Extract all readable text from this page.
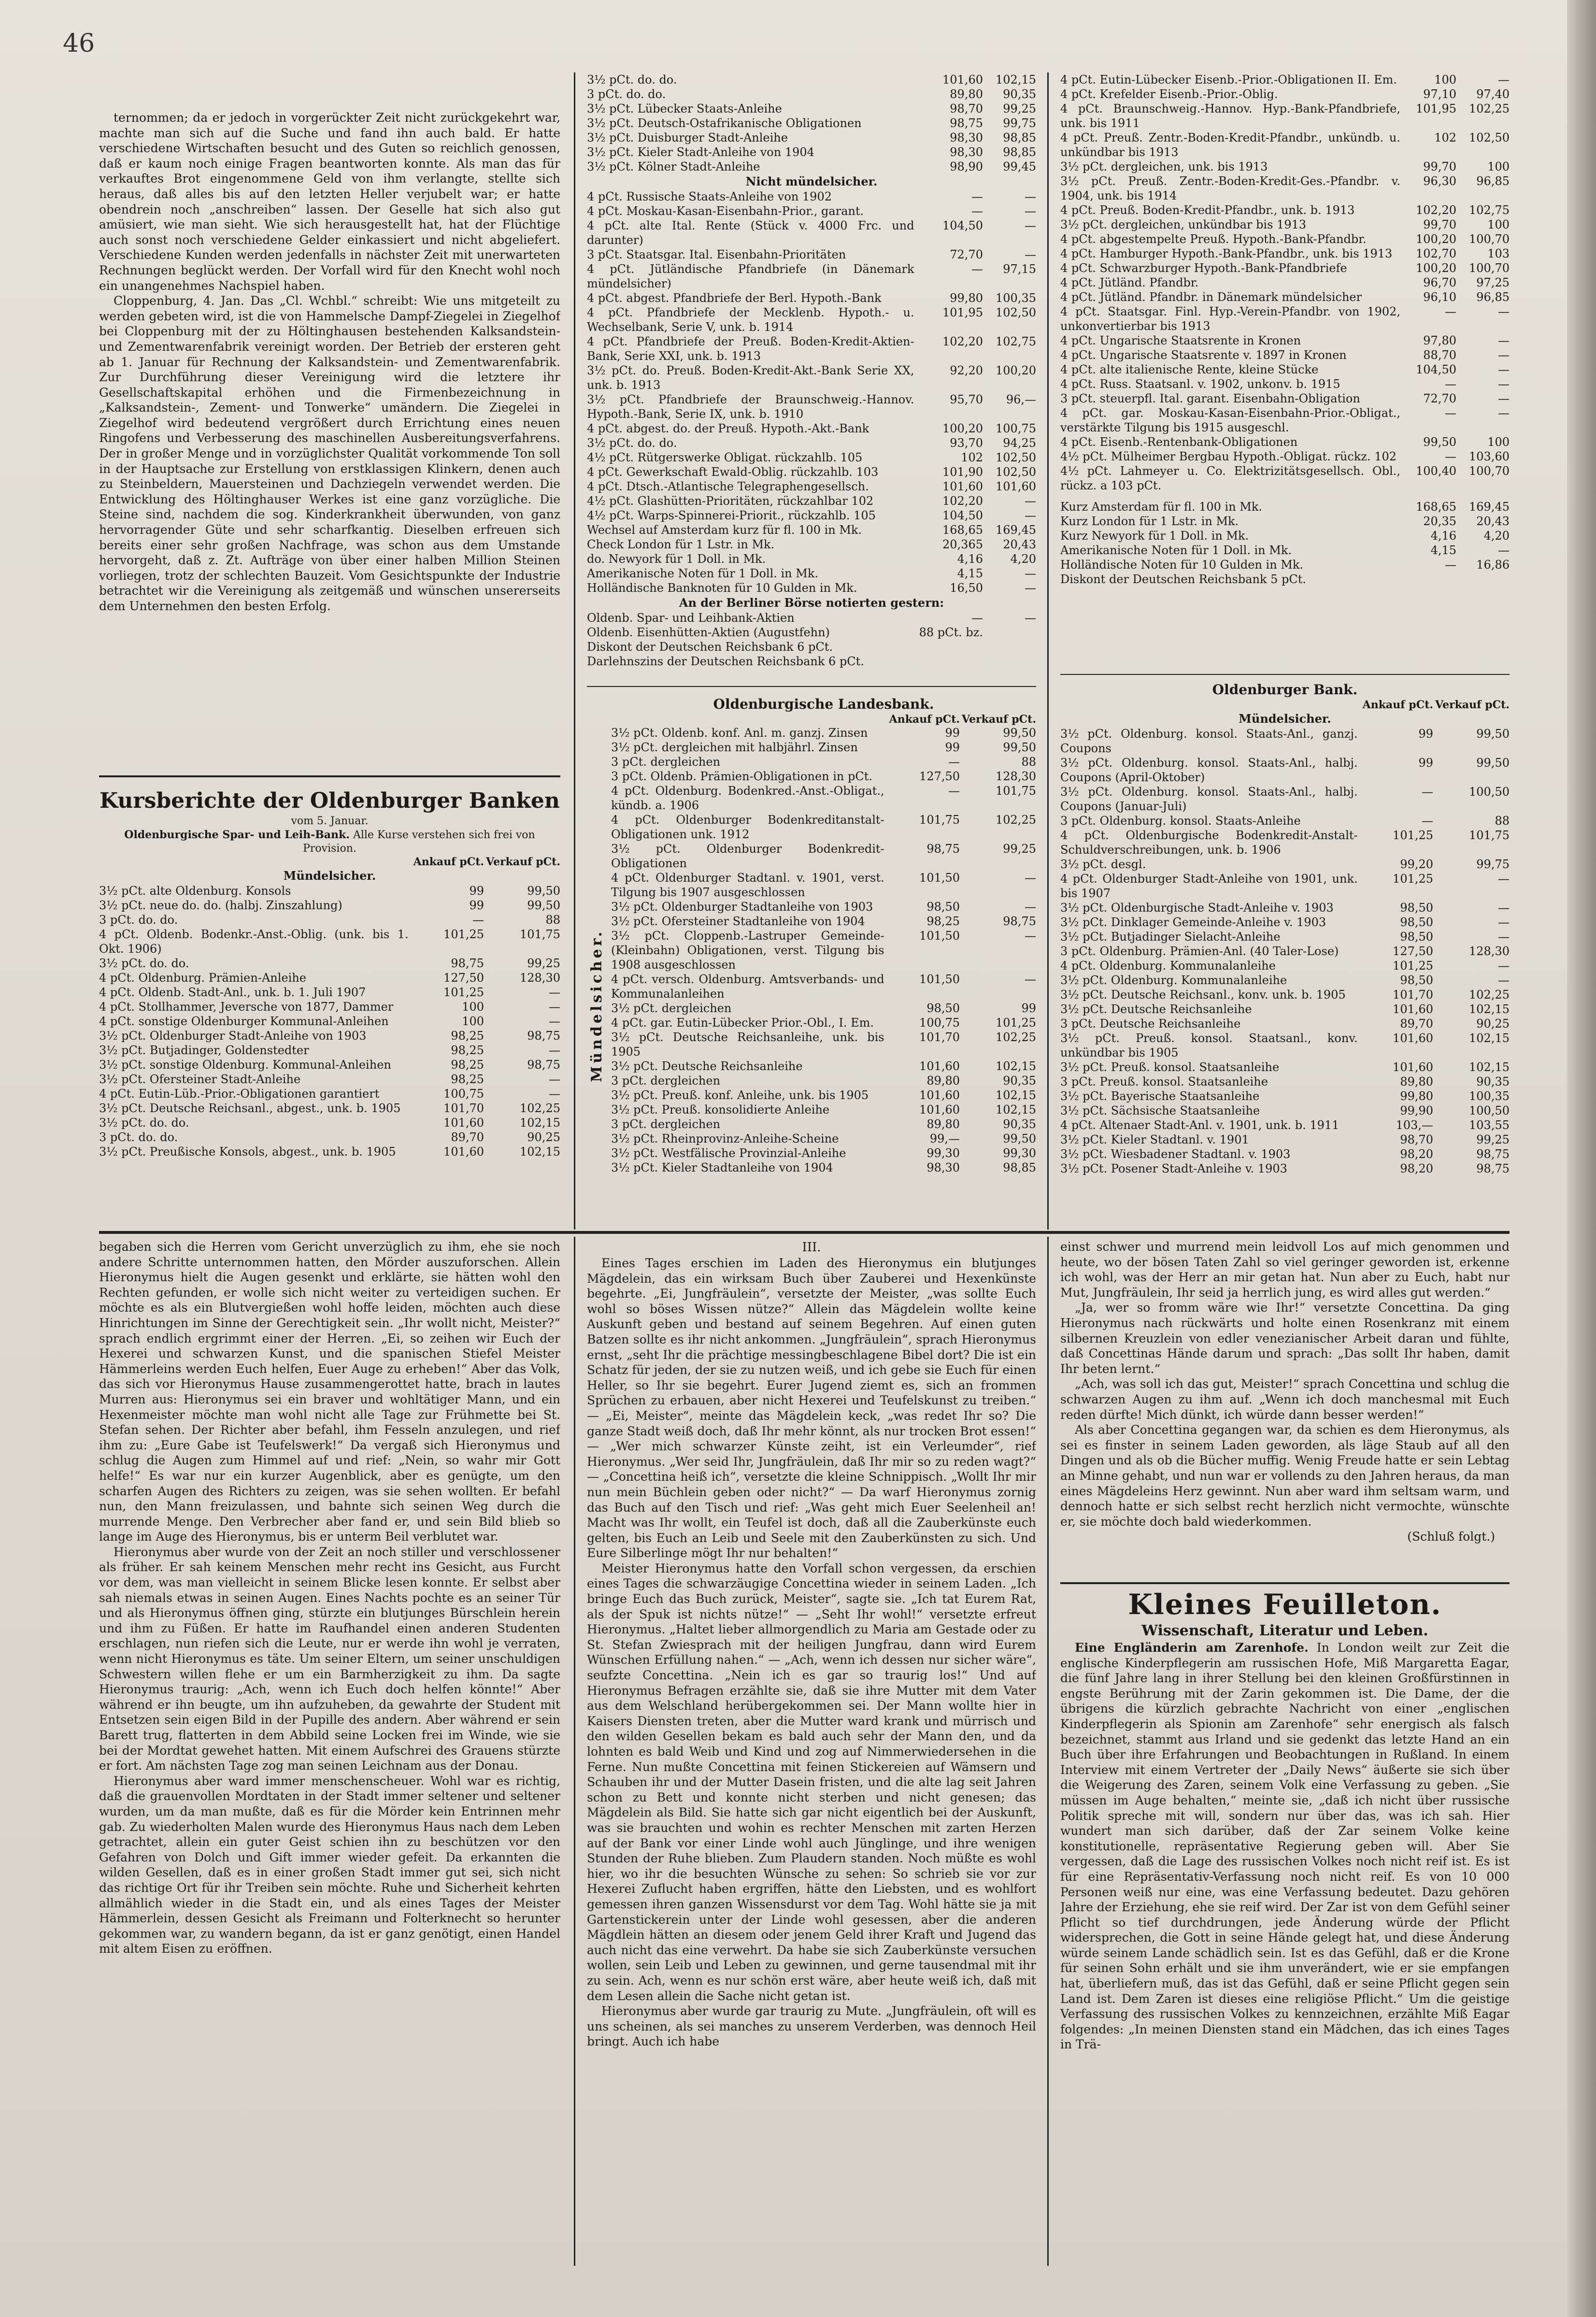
46

ternommen; da er jedoch in vorgerückter Zeit nicht zurückgekehrt war, machte man sich auf die Suche und fand ihn auch bald. Er hatte verschiedene Wirtschaften besucht und des Guten so reichlich genossen, daß er kaum noch einige Fragen beantworten konnte. Als man das für verkauftes Brot eingenommene Geld von ihm verlangte, stellte sich heraus, daß alles bis auf den letzten Heller verjubelt war; er hatte obendrein noch „anschreiben“ lassen. Der Geselle hat sich also gut amüsiert, wie man sieht. Wie sich herausgestellt hat, hat der Flüchtige auch sonst noch verschiedene Gelder einkassiert und nicht abgeliefert. Verschiedene Kunden werden jedenfalls in nächster Zeit mit unerwarteten Rechnungen beglückt werden. Der Vorfall wird für den Knecht wohl noch ein unangenehmes Nachspiel haben.

Cloppenburg, 4. Jan. Das „Cl. Wchbl.“ schreibt: Wie uns mitgeteilt zu werden gebeten wird, ist die von Hammelsche Dampf-Ziegelei in Ziegelhof bei Cloppenburg mit der zu Höltinghausen bestehenden Kalksandstein- und Zementwarenfabrik vereinigt worden. Der Betrieb der ersteren geht ab 1. Januar für Rechnung der Kalksandstein- und Zementwarenfabrik. Zur Durchführung dieser Vereinigung wird die letztere ihr Gesellschaftskapital erhöhen und die Firmenbezeichnung in „Kalksandstein-, Zement- und Tonwerke“ umändern. Die Ziegelei in Ziegelhof wird bedeutend vergrößert durch Errichtung eines neuen Ringofens und Verbesserung des maschinellen Ausbereitungsverfahrens. Der in großer Menge und in vorzüglichster Qualität vorkommende Ton soll in der Hauptsache zur Erstellung von erstklassigen Klinkern, denen auch zu Steinbeldern, Mauersteinen und Dachziegeln verwendet werden. Die Entwicklung des Höltinghauser Werkes ist eine ganz vorzügliche. Die Steine sind, nachdem die sog. Kinderkrankheit überwunden, von ganz hervorragender Güte und sehr scharfkantig. Dieselben erfreuen sich bereits einer sehr großen Nachfrage, was schon aus dem Umstande hervorgeht, daß z. Zt. Aufträge von über einer halben Million Steinen vorliegen, trotz der schlechten Bauzeit. Vom Gesichtspunkte der Industrie betrachtet wir die Vereinigung als zeitgemäß und wünschen unsererseits dem Unternehmen den besten Erfolg.

Kursberichte der Oldenburger Banken
vom 5. Januar.
Oldenburgische Spar- und Leih-Bank. Alle Kurse verstehen sich frei von Provision.
	Ankauf pCt.	Verkauf pCt.
Mündelsicher.		
3½ pCt. alte Oldenburg. Konsols	99	99,50
3½ pCt. neue do. do. (halbj. Zinszahlung)	99	99,50
3 pCt. do. do.	—	88
4 pCt. Oldenb. Bodenkr.-Anst.-Oblig. (unk. bis 1. Okt. 1906)	101,25	101,75
3½ pCt. do. do.	98,75	99,25
4 pCt. Oldenburg. Prämien-Anleihe	127,50	128,30
4 pCt. Oldenb. Stadt-Anl., unk. b. 1. Juli 1907	101,25	—
4 pCt. Stollhammer, Jeversche von 1877, Dammer	100	—
4 pCt. sonstige Oldenburger Kommunal-Anleihen	100	—
3½ pCt. Oldenburger Stadt-Anleihe von 1903	98,25	98,75
3½ pCt. Butjadinger, Goldenstedter	98,25	—
3½ pCt. sonstige Oldenburg. Kommunal-Anleihen	98,25	98,75
3½ pCt. Ofersteiner Stadt-Anleihe	98,25	—
4 pCt. Eutin-Lüb.-Prior.-Obligationen garantiert	100,75	—
3½ pCt. Deutsche Reichsanl., abgest., unk. b. 1905	101,70	102,25
3½ pCt. do. do.	101,60	102,15
3 pCt. do. do.	89,70	90,25
3½ pCt. Preußische Konsols, abgest., unk. b. 1905	101,60	102,15
3½ pCt. do. do.	101,60	102,15
3 pCt. do. do.	89,80	90,35
3½ pCt. Lübecker Staats-Anleihe	98,70	99,25
3½ pCt. Deutsch-Ostafrikanische Obligationen	98,75	99,75
3½ pCt. Duisburger Stadt-Anleihe	98,30	98,85
3½ pCt. Kieler Stadt-Anleihe von 1904	98,30	98,85
3½ pCt. Kölner Stadt-Anleihe	98,90	99,45
Nicht mündelsicher.		
4 pCt. Russische Staats-Anleihe von 1902	—	—
4 pCt. Moskau-Kasan-Eisenbahn-Prior., garant.	—	—
4 pCt. alte Ital. Rente (Stück v. 4000 Frc. und darunter)	104,50	—
3 pCt. Staatsgar. Ital. Eisenbahn-Prioritäten	72,70	—
4 pCt. Jütländische Pfandbriefe (in Dänemark mündelsicher)	—	97,15
4 pCt. abgest. Pfandbriefe der Berl. Hypoth.-Bank	99,80	100,35
4 pCt. Pfandbriefe der Mecklenb. Hypoth.- u. Wechselbank, Serie V, unk. b. 1914	101,95	102,50
4 pCt. Pfandbriefe der Preuß. Boden-Kredit-Aktien-Bank, Serie XXI, unk. b. 1913	102,20	102,75
3½ pCt. do. Preuß. Boden-Kredit-Akt.-Bank Serie XX, unk. b. 1913	92,20	100,20
3½ pCt. Pfandbriefe der Braunschweig.-Hannov. Hypoth.-Bank, Serie IX, unk. b. 1910	95,70	96,—
4 pCt. abgest. do. der Preuß. Hypoth.-Akt.-Bank	100,20	100,75
3½ pCt. do. do.	93,70	94,25
4½ pCt. Rütgerswerke Obligat. rückzahlb. 105	102	102,50
4 pCt. Gewerkschaft Ewald-Oblig. rückzahlb. 103	101,90	102,50
4 pCt. Dtsch.-Atlantische Telegraphengesellsch.	101,60	101,60
4½ pCt. Glashütten-Prioritäten, rückzahlbar 102	102,20	—
4½ pCt. Warps-Spinnerei-Priorit., rückzahlb. 105	104,50	—
Wechsel auf Amsterdam kurz für fl. 100 in Mk.	168,65	169,45
Check London für 1 Lstr. in Mk.	20,365	20,43
do. Newyork für 1 Doll. in Mk.	4,16	4,20
Amerikanische Noten für 1 Doll. in Mk.	4,15	—
Holländische Banknoten für 10 Gulden in Mk.	16,50	—
An der Berliner Börse notierten gestern:		
Oldenb. Spar- und Leihbank-Aktien	—	—
Oldenb. Eisenhütten-Aktien (Augustfehn)	88 pCt. bz.	
Diskont der Deutschen Reichsbank 6 pCt.		
Darlehnszins der Deutschen Reichsbank 6 pCt.		
Oldenburgische Landesbank.
	Ankauf pCt.	Verkauf pCt.
3½ pCt. Oldenb. konf. Anl. m. ganzj. Zinsen	99	99,50
3½ pCt. dergleichen mit halbjährl. Zinsen	99	99,50
3 pCt. dergleichen	—	88
3 pCt. Oldenb. Prämien-Obligationen in pCt.	127,50	128,30
4 pCt. Oldenburg. Bodenkred.-Anst.-Obligat., kündb. a. 1906	—	101,75
4 pCt. Oldenburger Bodenkreditanstalt-Obligationen unk. 1912	101,75	102,25
3½ pCt. Oldenburger Bodenkredit-Obligationen	98,75	99,25
4 pCt. Oldenburger Stadtanl. v. 1901, verst. Tilgung bis 1907 ausgeschlossen	101,50	—
3½ pCt. Oldenburger Stadtanleihe von 1903	98,50	—
3½ pCt. Ofersteiner Stadtanleihe von 1904	98,25	98,75
3½ pCt. Cloppenb.-Lastruper Gemeinde-(Kleinbahn) Obligationen, verst. Tilgung bis 1908 ausgeschlossen	101,50	—
4 pCt. versch. Oldenburg. Amtsverbands- und Kommunalanleihen	101,50	—
3½ pCt. dergleichen	98,50	99
4 pCt. gar. Eutin-Lübecker Prior.-Obl., I. Em.	100,75	101,25
3½ pCt. Deutsche Reichsanleihe, unk. bis 1905	101,70	102,25
3½ pCt. Deutsche Reichsanleihe	101,60	102,15
3 pCt. dergleichen	89,80	90,35
3½ pCt. Preuß. konf. Anleihe, unk. bis 1905	101,60	102,15
3½ pCt. Preuß. konsolidierte Anleihe	101,60	102,15
3 pCt. dergleichen	89,80	90,35
3½ pCt. Rheinprovinz-Anleihe-Scheine	99,—	99,50
3½ pCt. Westfälische Provinzial-Anleihe	99,30	99,30
3½ pCt. Kieler Stadtanleihe von 1904	98,30	98,85
Mündelsicher.
4 pCt. Eutin-Lübecker Eisenb.-Prior.-Obligationen II. Em.	100	—
4 pCt. Krefelder Eisenb.-Prior.-Oblig.	97,10	97,40
4 pCt. Braunschweig.-Hannov. Hyp.-Bank-Pfandbriefe, unk. bis 1911	101,95	102,25
4 pCt. Preuß. Zentr.-Boden-Kredit-Pfandbr., unkündb. u. unkündbar bis 1913	102	102,50
3½ pCt. dergleichen, unk. bis 1913	99,70	100
3½ pCt. Preuß. Zentr.-Boden-Kredit-Ges.-Pfandbr. v. 1904, unk. bis 1914	96,30	96,85
4 pCt. Preuß. Boden-Kredit-Pfandbr., unk. b. 1913	102,20	102,75
3½ pCt. dergleichen, unkündbar bis 1913	99,70	100
4 pCt. abgestempelte Preuß. Hypoth.-Bank-Pfandbr.	100,20	100,70
4 pCt. Hamburger Hypoth.-Bank-Pfandbr., unk. bis 1913	102,70	103
4 pCt. Schwarzburger Hypoth.-Bank-Pfandbriefe	100,20	100,70
4 pCt. Jütländ. Pfandbr.	96,70	97,25
4 pCt. Jütländ. Pfandbr. in Dänemark mündelsicher	96,10	96,85
4 pCt. Staatsgar. Finl. Hyp.-Verein-Pfandbr. von 1902, unkonvertierbar bis 1913	—	—
4 pCt. Ungarische Staatsrente in Kronen	97,80	—
4 pCt. Ungarische Staatsrente v. 1897 in Kronen	88,70	—
4 pCt. alte italienische Rente, kleine Stücke	104,50	—
4 pCt. Russ. Staatsanl. v. 1902, unkonv. b. 1915	—	—
3 pCt. steuerpfl. Ital. garant. Eisenbahn-Obligation	72,70	—
4 pCt. gar. Moskau-Kasan-Eisenbahn-Prior.-Obligat., verstärkte Tilgung bis 1915 ausgeschl.	—	—
4 pCt. Eisenb.-Rentenbank-Obligationen	99,50	100
4½ pCt. Mülheimer Bergbau Hypoth.-Obligat. rückz. 102	—	103,60
4½ pCt. Lahmeyer u. Co. Elektrizitätsgesellsch. Obl., rückz. a 103 pCt.	100,40	100,70

Kurz Amsterdam für fl. 100 in Mk.	168,65	169,45
Kurz London für 1 Lstr. in Mk.	20,35	20,43
Kurz Newyork für 1 Doll. in Mk.	4,16	4,20
Amerikanische Noten für 1 Doll. in Mk.	4,15	—
Holländische Noten für 10 Gulden in Mk.	—	16,86
Diskont der Deutschen Reichsbank 5 pCt.		
Oldenburger Bank.
	Ankauf pCt.	Verkauf pCt.
Mündelsicher.		
3½ pCt. Oldenburg. konsol. Staats-Anl., ganzj. Coupons	99	99,50
3½ pCt. Oldenburg. konsol. Staats-Anl., halbj. Coupons (April-Oktober)	99	99,50
3½ pCt. Oldenburg. konsol. Staats-Anl., halbj. Coupons (Januar-Juli)	—	100,50
3 pCt. Oldenburg. konsol. Staats-Anleihe	—	88
4 pCt. Oldenburgische Bodenkredit-Anstalt-Schuldverschreibungen, unk. b. 1906	101,25	101,75
3½ pCt. desgl.	99,20	99,75
4 pCt. Oldenburger Stadt-Anleihe von 1901, unk. bis 1907	101,25	—
3½ pCt. Oldenburgische Stadt-Anleihe v. 1903	98,50	—
3½ pCt. Dinklager Gemeinde-Anleihe v. 1903	98,50	—
3½ pCt. Butjadinger Sielacht-Anleihe	98,50	—
3 pCt. Oldenburg. Prämien-Anl. (40 Taler-Lose)	127,50	128,30
4 pCt. Oldenburg. Kommunalanleihe	101,25	—
3½ pCt. Oldenburg. Kommunalanleihe	98,50	—
3½ pCt. Deutsche Reichsanl., konv. unk. b. 1905	101,70	102,25
3½ pCt. Deutsche Reichsanleihe	101,60	102,15
3 pCt. Deutsche Reichsanleihe	89,70	90,25
3½ pCt. Preuß. konsol. Staatsanl., konv. unkündbar bis 1905	101,60	102,15
3½ pCt. Preuß. konsol. Staatsanleihe	101,60	102,15
3 pCt. Preuß. konsol. Staatsanleihe	89,80	90,35
3½ pCt. Bayerische Staatsanleihe	99,80	100,35
3½ pCt. Sächsische Staatsanleihe	99,90	100,50
4 pCt. Altenaer Stadt-Anl. v. 1901, unk. b. 1911	103,—	103,55
3½ pCt. Kieler Stadtanl. v. 1901	98,70	99,25
3½ pCt. Wiesbadener Stadtanl. v. 1903	98,20	98,75
3½ pCt. Posener Stadt-Anleihe v. 1903	98,20	98,75

begaben sich die Herren vom Gericht unverzüglich zu ihm, ehe sie noch andere Schritte unternommen hatten, den Mörder auszuforschen. Allein Hieronymus hielt die Augen gesenkt und erklärte, sie hätten wohl den Rechten gefunden, er wolle sich nicht weiter zu verteidigen suchen. Er möchte es als ein Blutvergießen wohl hoffe leiden, möchten auch diese Hinrichtungen im Sinne der Gerechtigkeit sein. „Ihr wollt nicht, Meister?“ sprach endlich ergrimmt einer der Herren. „Ei, so zeihen wir Euch der Hexerei und schwarzen Kunst, und die spanischen Stiefel Meister Hämmerleins werden Euch helfen, Euer Auge zu erheben!“ Aber das Volk, das sich vor Hieronymus Hause zusammengerottet hatte, brach in lautes Murren aus: Hieronymus sei ein braver und wohltätiger Mann, und ein Hexenmeister möchte man wohl nicht alle Tage zur Frühmette bei St. Stefan sehen. Der Richter aber befahl, ihm Fesseln anzulegen, und rief ihm zu: „Eure Gabe ist Teufelswerk!“ Da vergaß sich Hieronymus und schlug die Augen zum Himmel auf und rief: „Nein, so wahr mir Gott helfe!“ Es war nur ein kurzer Augenblick, aber es genügte, um den scharfen Augen des Richters zu zeigen, was sie sehen wollten. Er befahl nun, den Mann freizulassen, und bahnte sich seinen Weg durch die murrende Menge. Den Verbrecher aber fand er, und sein Bild blieb so lange im Auge des Hieronymus, bis er unterm Beil verblutet war.

Hieronymus aber wurde von der Zeit an noch stiller und verschlossener als früher. Er sah keinem Menschen mehr recht ins Gesicht, aus Furcht vor dem, was man vielleicht in seinem Blicke lesen konnte. Er selbst aber sah niemals etwas in seinen Augen. Eines Nachts pochte es an seiner Tür und als Hieronymus öffnen ging, stürzte ein blutjunges Bürschlein herein und ihm zu Füßen. Er hatte im Raufhandel einen anderen Studenten erschlagen, nun riefen sich die Leute, nur er werde ihn wohl je verraten, wenn nicht Hieronymus es täte. Um seiner Eltern, um seiner unschuldigen Schwestern willen flehe er um ein Barmherzigkeit zu ihm. Da sagte Hieronymus traurig: „Ach, wenn ich Euch doch helfen könnte!“ Aber während er ihn beugte, um ihn aufzuheben, da gewahrte der Student mit Entsetzen sein eigen Bild in der Pupille des andern. Aber während er sein Barett trug, flatterten in dem Abbild seine Locken frei im Winde, wie sie bei der Mordtat gewehet hatten. Mit einem Aufschrei des Grauens stürzte er fort. Am nächsten Tage zog man seinen Leichnam aus der Donau.

Hieronymus aber ward immer menschenscheuer. Wohl war es richtig, daß die grauenvollen Mordtaten in der Stadt immer seltener und seltener wurden, um da man mußte, daß es für die Mörder kein Entrinnen mehr gab. Zu wiederholten Malen wurde des Hieronymus Haus nach dem Leben getrachtet, allein ein guter Geist schien ihn zu beschützen vor den Gefahren von Dolch und Gift immer wieder gefeit. Da erkannten die wilden Gesellen, daß es in einer großen Stadt immer gut sei, sich nicht das richtige Ort für ihr Treiben sein möchte. Ruhe und Sicherheit kehrten allmählich wieder in die Stadt ein, und als eines Tages der Meister Hämmerlein, dessen Gesicht als Freimann und Folterknecht so herunter gekommen war, zu wandern begann, da ist er ganz genötigt, einen Handel mit altem Eisen zu eröffnen.

III.

Eines Tages erschien im Laden des Hieronymus ein blutjunges Mägdelein, das ein wirksam Buch über Zauberei und Hexenkünste begehrte. „Ei, Jungfräulein“, versetzte der Meister, „was sollte Euch wohl so böses Wissen nütze?“ Allein das Mägdelein wollte keine Auskunft geben und bestand auf seinem Begehren. Auf einen guten Batzen sollte es ihr nicht ankommen. „Jungfräulein“, sprach Hieronymus ernst, „seht Ihr die prächtige messingbeschlagene Bibel dort? Die ist ein Schatz für jeden, der sie zu nutzen weiß, und ich gebe sie Euch für einen Heller, so Ihr sie begehrt. Eurer Jugend ziemt es, sich an frommen Sprüchen zu erbauen, aber nicht Hexerei und Teufelskunst zu treiben.“ — „Ei, Meister“, meinte das Mägdelein keck, „was redet Ihr so? Die ganze Stadt weiß doch, daß Ihr mehr könnt, als nur trocken Brot essen!“ — „Wer mich schwarzer Künste zeiht, ist ein Verleumder“, rief Hieronymus. „Wer seid Ihr, Jungfräulein, daß Ihr mir so zu reden wagt?“ — „Concettina heiß ich“, versetzte die kleine Schnippisch. „Wollt Ihr mir nun mein Büchlein geben oder nicht?“ — Da warf Hieronymus zornig das Buch auf den Tisch und rief: „Was geht mich Euer Seelenheil an! Macht was Ihr wollt, ein Teufel ist doch, daß all die Zauberkünste euch gelten, bis Euch an Leib und Seele mit den Zauberkünsten zu sich. Und Eure Silberlinge mögt Ihr nur behalten!“

Meister Hieronymus hatte den Vorfall schon vergessen, da erschien eines Tages die schwarzäugige Concettina wieder in seinem Laden. „Ich bringe Euch das Buch zurück, Meister“, sagte sie. „Ich tat Eurem Rat, als der Spuk ist nichts nütze!“ — „Seht Ihr wohl!“ versetzte erfreut Hieronymus. „Haltet lieber allmorgendlich zu Maria am Gestade oder zu St. Stefan Zwiesprach mit der heiligen Jungfrau, dann wird Eurem Wünschen Erfüllung nahen.“ — „Ach, wenn ich dessen nur sicher wäre“, seufzte Concettina. „Nein ich es gar so traurig los!“ Und auf Hieronymus Befragen erzählte sie, daß sie ihre Mutter mit dem Vater aus dem Welschland herübergekommen sei. Der Mann wollte hier in Kaisers Diensten treten, aber die Mutter ward krank und mürrisch und den wilden Gesellen bekam es bald auch sehr der Mann den, und da lohnten es bald Weib und Kind und zog auf Nimmerwiedersehen in die Ferne. Nun mußte Concettina mit feinen Stickereien auf Wämsern und Schauben ihr und der Mutter Dasein fristen, und die alte lag seit Jahren schon zu Bett und konnte nicht sterben und nicht genesen; das Mägdelein als Bild. Sie hatte sich gar nicht eigentlich bei der Auskunft, was sie brauchten und wohin es rechter Menschen mit zarten Herzen auf der Bank vor einer Linde wohl auch Jünglinge, und ihre wenigen Stunden der Ruhe blieben. Zum Plaudern standen. Noch müßte es wohl hier, wo ihr die besuchten Wünsche zu sehen: So schrieb sie vor zur Hexerei Zuflucht haben ergriffen, hätte den Liebsten, und es wohlfort gemessen ihren ganzen Wissensdurst vor dem Tag. Wohl hätte sie ja mit Gartenstickerein unter der Linde wohl gesessen, aber die anderen Mägdlein hätten an diesem oder jenem Geld ihrer Kraft und Jugend das auch nicht das eine verwehrt. Da habe sie sich Zauberkünste versuchen wollen, sein Leib und Leben zu gewinnen, und gerne tausendmal mit ihr zu sein. Ach, wenn es nur schön erst wäre, aber heute weiß ich, daß mit dem Lesen allein die Sache nicht getan ist.

Hieronymus aber wurde gar traurig zu Mute. „Jungfräulein, oft will es uns scheinen, als sei manches zu unserem Verderben, was dennoch Heil bringt. Auch ich habe

einst schwer und murrend mein leidvoll Los auf mich genommen und heute, wo der bösen Taten Zahl so viel geringer geworden ist, erkenne ich wohl, was der Herr an mir getan hat. Nun aber zu Euch, habt nur Mut, Jungfräulein, Ihr seid ja herrlich jung, es wird alles gut werden.“

„Ja, wer so fromm wäre wie Ihr!“ versetzte Concettina. Da ging Hieronymus nach rückwärts und holte einen Rosenkranz mit einem silbernen Kreuzlein von edler venezianischer Arbeit daran und fühlte, daß Concettinas Hände darum und sprach: „Das sollt Ihr haben, damit Ihr beten lernt.“

„Ach, was soll ich das gut, Meister!“ sprach Concettina und schlug die schwarzen Augen zu ihm auf. „Wenn ich doch manchesmal mit Euch reden dürfte! Mich dünkt, ich würde dann besser werden!“

Als aber Concettina gegangen war, da schien es dem Hieronymus, als sei es finster in seinem Laden geworden, als läge Staub auf all den Dingen und als ob die Bücher muffig. Wenig Freude hatte er sein Lebtag an Minne gehabt, und nun war er vollends zu den Jahren heraus, da man eines Mägdeleins Herz gewinnt. Nun aber ward ihm seltsam warm, und dennoch hatte er sich selbst recht herzlich nicht vermochte, wünschte er, sie möchte doch bald wiederkommen.

(Schluß folgt.)
Kleines Feuilleton.
Wissenschaft, Literatur und Leben.

Eine Engländerin am Zarenhofe. In London weilt zur Zeit die englische Kinderpflegerin am russischen Hofe, Miß Margaretta Eagar, die fünf Jahre lang in ihrer Stellung bei den kleinen Großfürstinnen in engste Berührung mit der Zarin gekommen ist. Die Dame, der die übrigens die kürzlich gebrachte Nachricht von einer „englischen Kinderpflegerin als Spionin am Zarenhofe“ sehr energisch als falsch bezeichnet, stammt aus Irland und sie gedenkt das letzte Hand an ein Buch über ihre Erfahrungen und Beobachtungen in Rußland. In einem Interview mit einem Vertreter der „Daily News“ äußerte sie sich über die Weigerung des Zaren, seinem Volk eine Verfassung zu geben. „Sie müssen im Auge behalten,“ meinte sie, „daß ich nicht über russische Politik spreche mit will, sondern nur über das, was ich sah. Hier wundert man sich darüber, daß der Zar seinem Volke keine konstitutionelle, repräsentative Regierung geben will. Aber Sie vergessen, daß die Lage des russischen Volkes noch nicht reif ist. Es ist für eine Repräsentativ-Verfassung noch nicht reif. Es von 10 000 Personen weiß nur eine, was eine Verfassung bedeutet. Dazu gehören Jahre der Erziehung, ehe sie reif wird. Der Zar ist von dem Gefühl seiner Pflicht so tief durchdrungen, jede Änderung würde der Pflicht widersprechen, die Gott in seine Hände gelegt hat, und diese Änderung würde seinem Lande schädlich sein. Ist es das Gefühl, daß er die Krone für seinen Sohn erhält und sie ihm unverändert, wie er sie empfangen hat, überliefern muß, das ist das Gefühl, daß er seine Pflicht gegen sein Land ist. Dem Zaren ist dieses eine religiöse Pflicht.“ Um die geistige Verfassung des russischen Volkes zu kennzeichnen, erzählte Miß Eagar folgendes: „In meinen Diensten stand ein Mädchen, das ich eines Tages in Trä-
